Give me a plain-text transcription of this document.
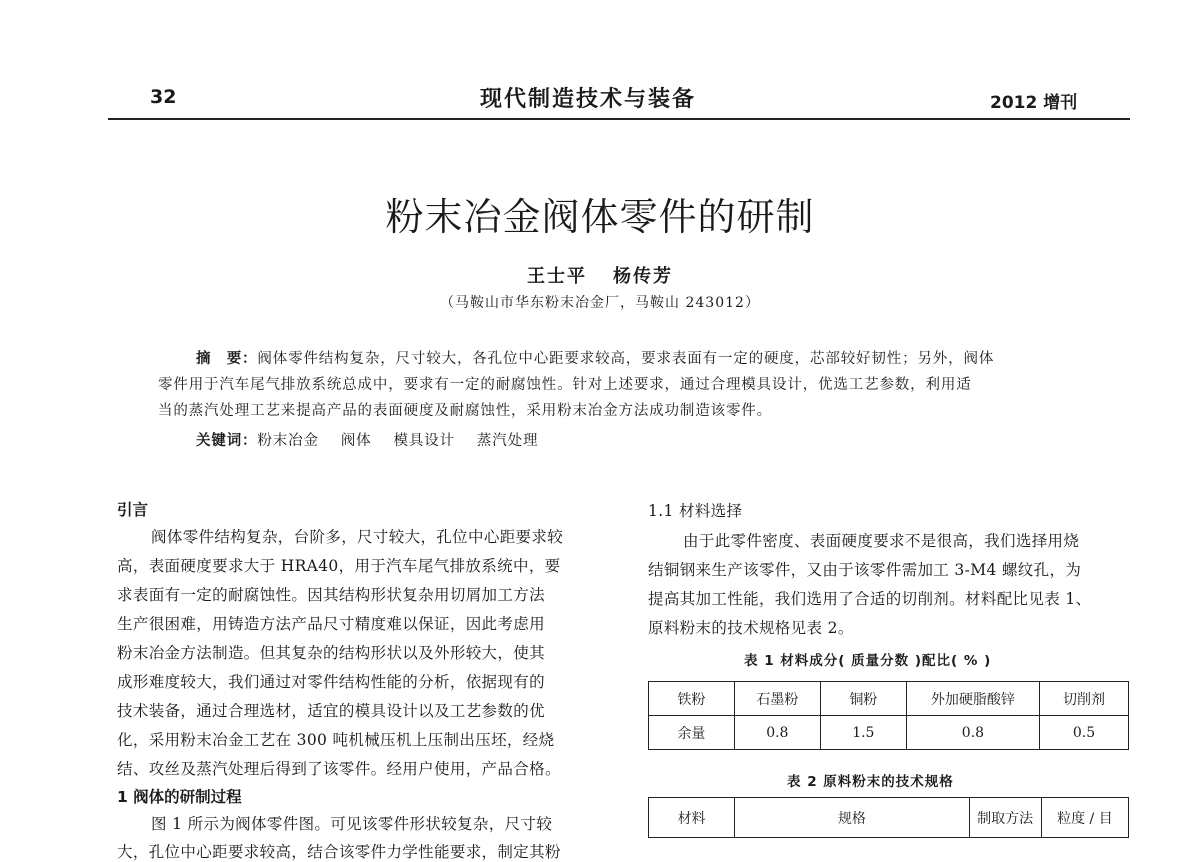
32	现代制造技术与装备	2012 增刊
粉末冶金阀体零件的研制
王士平 杨传芳
（马鞍山市华东粉末冶金厂，马鞍山 243012）
摘　要：阀体零件结构复杂，尺寸较大，各孔位中心距要求较高，要求表面有一定的硬度，芯部较好韧性；另外，阀体
零件用于汽车尾气排放系统总成中，要求有一定的耐腐蚀性。针对上述要求，通过合理模具设计，优选工艺参数，利用适
当的蒸汽处理工艺来提高产品的表面硬度及耐腐蚀性，采用粉末冶金方法成功制造该零件。
关键词：粉末冶金 阀体 模具设计 蒸汽处理
引言
阀体零件结构复杂，台阶多，尺寸较大，孔位中心距要求较
高，表面硬度要求大于 HRA40，用于汽车尾气排放系统中，要
求表面有一定的耐腐蚀性。因其结构形状复杂用切屑加工方法
生产很困难，用铸造方法产品尺寸精度难以保证，因此考虑用
粉末冶金方法制造。但其复杂的结构形状以及外形较大，使其
成形难度较大，我们通过对零件结构性能的分析，依据现有的
技术装备，通过合理选材，适宜的模具设计以及工艺参数的优
化，采用粉末冶金工艺在 300 吨机械压机上压制出压坯，经烧
结、攻丝及蒸汽处理后得到了该零件。经用户使用，产品合格。
1 阀体的研制过程
图 1 所示为阀体零件图。可见该零件形状较复杂，尺寸较
大，孔位中心距要求较高，结合该零件力学性能要求，制定其粉
1.1 材料选择
由于此零件密度、表面硬度要求不是很高，我们选择用烧
结铜钢来生产该零件，又由于该零件需加工 3-M4 螺纹孔，为
提高其加工性能，我们选用了合适的切削剂。材料配比见表 1、
原料粉末的技术规格见表 2。
表 1 材料成分( 质量分数 )配比( % )
铁粉	石墨粉	铜粉	外加硬脂酸锌	切削剂
余量	0.8	1.5	0.8	0.5
表 2 原料粉末的技术规格
材料	规格	制取方法	粒度 / 目
